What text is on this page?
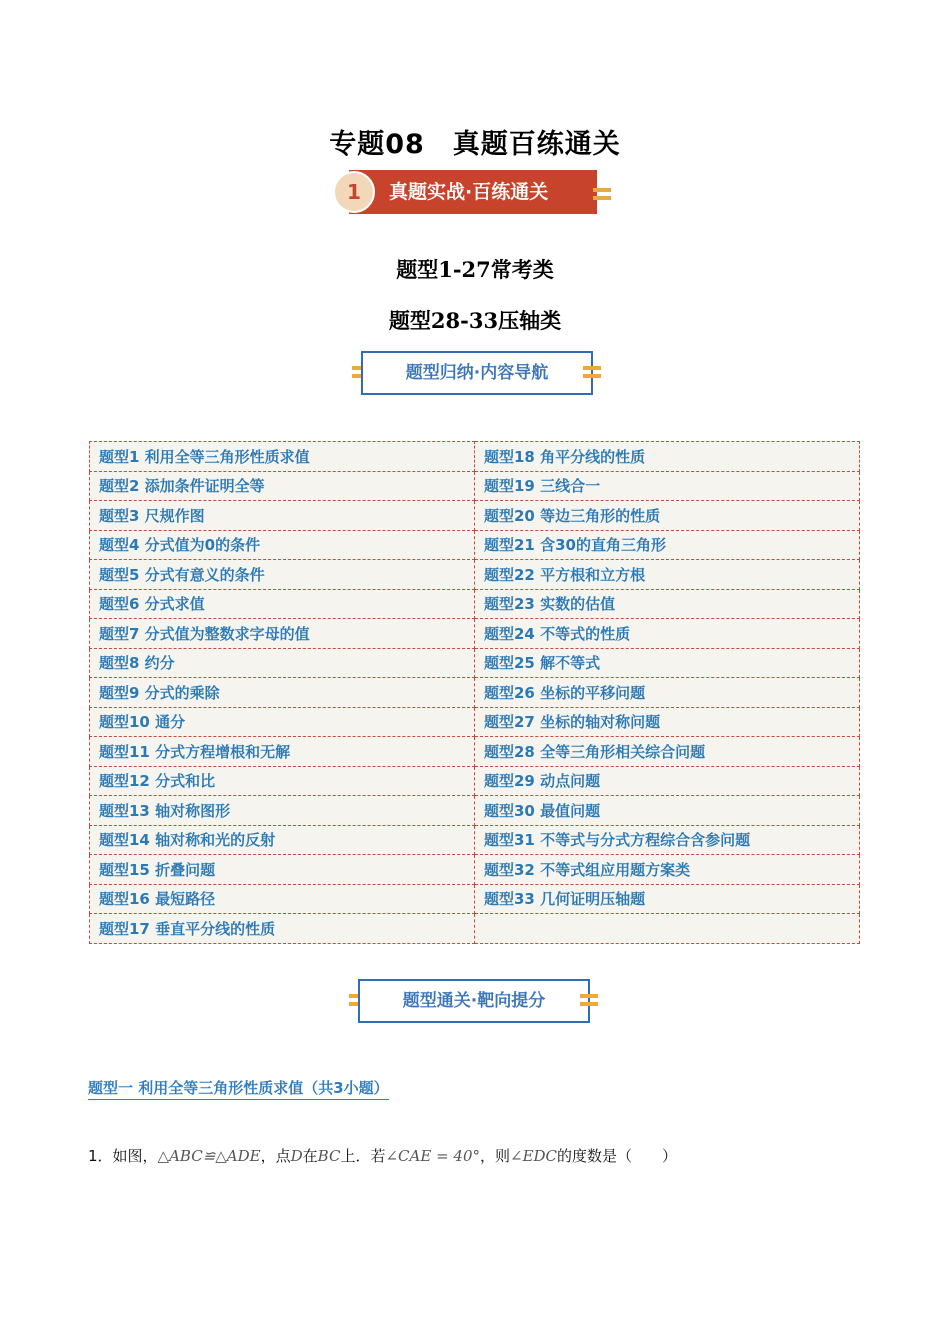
专题08　真题百练通关
真题实战·百练通关
1
题型1-27常考类
题型28-33压轴类
题型归纳·内容导航
题型1 利用全等三角形性质求值	题型18 角平分线的性质
题型2 添加条件证明全等	题型19 三线合一
题型3 尺规作图	题型20 等边三角形的性质
题型4 分式值为0的条件	题型21 含30的直角三角形
题型5 分式有意义的条件	题型22 平方根和立方根
题型6 分式求值	题型23 实数的估值
题型7 分式值为整数求字母的值	题型24 不等式的性质
题型8 约分	题型25 解不等式
题型9 分式的乘除	题型26 坐标的平移问题
题型10 通分	题型27 坐标的轴对称问题
题型11 分式方程增根和无解	题型28 全等三角形相关综合问题
题型12 分式和比	题型29 动点问题
题型13 轴对称图形	题型30 最值问题
题型14 轴对称和光的反射	题型31 不等式与分式方程综合含参问题
题型15 折叠问题	题型32 不等式组应用题方案类
题型16 最短路径	题型33 几何证明压轴题
题型17 垂直平分线的性质	
题型通关·靶向提分
题型一 利用全等三角形性质求值（共3小题）
1．如图，△ABC≌△ADE，点D在BC上．若∠CAE = 40°，则∠EDC的度数是（　　）
